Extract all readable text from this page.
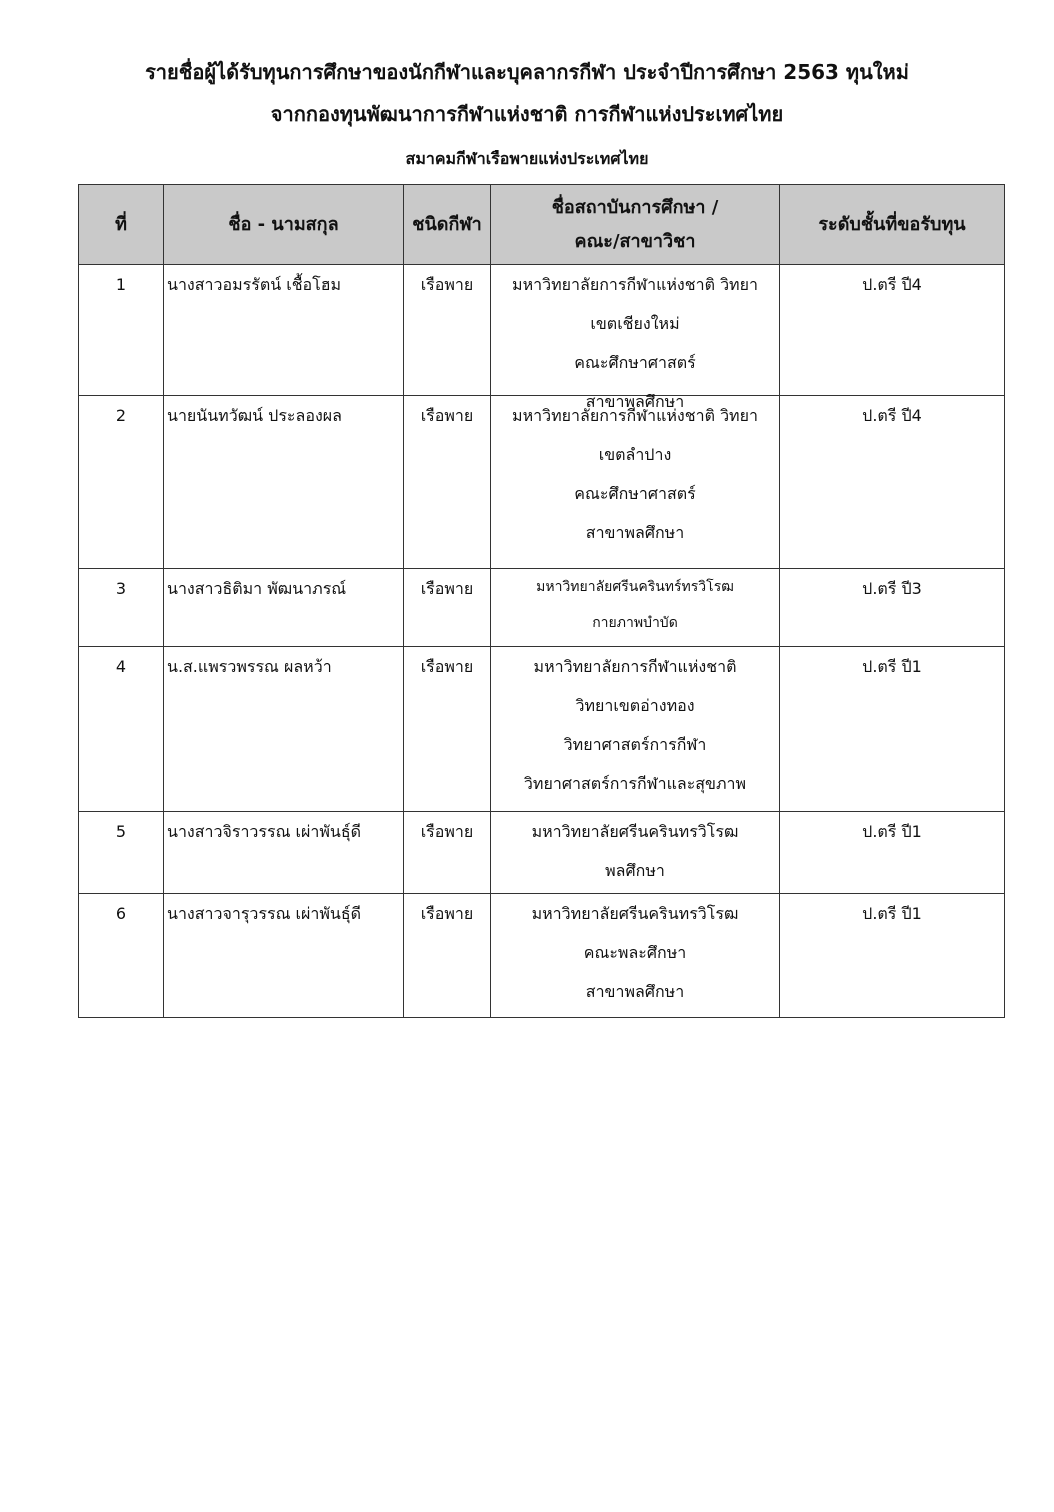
รายชื่อผู้ได้รับทุนการศึกษาของนักกีฬาและบุคลากรกีฬา ประจำปีการศึกษา 2563 ทุนใหม่
จากกองทุนพัฒนาการกีฬาแห่งชาติ การกีฬาแห่งประเทศไทย
สมาคมกีฬาเรือพายแห่งประเทศไทย
ที่	ชื่อ - นามสกุล	ชนิดกีฬา	ชื่อสถาบันการศึกษา /
คณะ/สาขาวิชา	ระดับชั้นที่ขอรับทุน
1	นางสาวอมรรัตน์ เชื้อโฮม	เรือพาย	มหาวิทยาลัยการกีฬาแห่งชาติ วิทยา
เขตเชียงใหม่
คณะศึกษาศาสตร์
สาขาพลศึกษา	ป.ตรี ปี4
2	นายนันทวัฒน์ ประลองผล	เรือพาย	มหาวิทยาลัยการกีฬาแห่งชาติ วิทยา
เขตลำปาง
คณะศึกษาศาสตร์
สาขาพลศึกษา	ป.ตรี ปี4
3	นางสาวธิติมา พัฒนาภรณ์	เรือพาย	มหาวิทยาลัยศรีนครินทร์ทรวิโรฒ
กายภาพบำบัด	ป.ตรี ปี3
4	น.ส.แพรวพรรณ ผลหว้า	เรือพาย	มหาวิทยาลัยการกีฬาแห่งชาติ
วิทยาเขตอ่างทอง
วิทยาศาสตร์การกีฬา
วิทยาศาสตร์การกีฬาและสุขภาพ	ป.ตรี ปี1
5	นางสาวจิราวรรณ เผ่าพันธุ์ดี	เรือพาย	มหาวิทยาลัยศรีนครินทรวิโรฒ
พลศึกษา	ป.ตรี ปี1
6	นางสาวจารุวรรณ เผ่าพันธุ์ดี	เรือพาย	มหาวิทยาลัยศรีนครินทรวิโรฒ
คณะพละศึกษา
สาขาพลศึกษา	ป.ตรี ปี1
